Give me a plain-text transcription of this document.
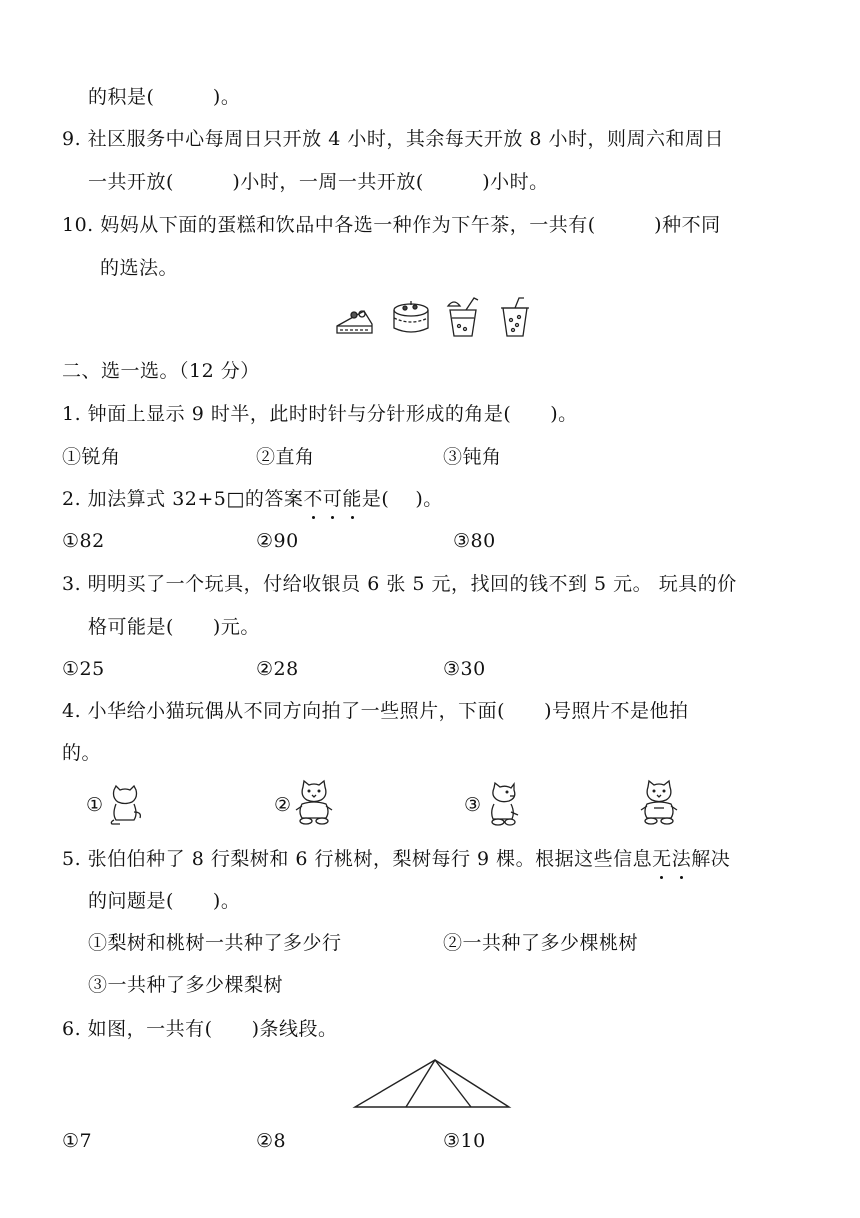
的积是(　　　)。
9. 社区服务中心每周日只开放 4 小时，其余每天开放 8 小时，则周六和周日
一共开放(　　　)小时，一周一共开放(　　　)小时。
10. 妈妈从下面的蛋糕和饮品中各选一种作为下午茶，一共有(　　　)种不同
的选法。
二、选一选。（12 分）
1. 钟面上显示 9 时半，此时时针与分针形成的角是(　　)。
①锐角	②直角	③钝角
2. 加法算式 32+5□的答案不可能是(　 )。
①82	②90	③80
3. 明明买了一个玩具，付给收银员 6 张 5 元，找回的钱不到 5 元。 玩具的价
格可能是(　　)元。
①25	②28	③30
4. 小华给小猫玩偶从不同方向拍了一些照片，下面(　　)号照片不是他拍
的。
①	②	③
5. 张伯伯种了 8 行梨树和 6 行桃树，梨树每行 9 棵。根据这些信息无法解决
的问题是(　　)。
①梨树和桃树一共种了多少行	②一共种了多少棵桃树
③一共种了多少棵梨树
6. 如图，一共有(　　)条线段。
①7	②8	③10
